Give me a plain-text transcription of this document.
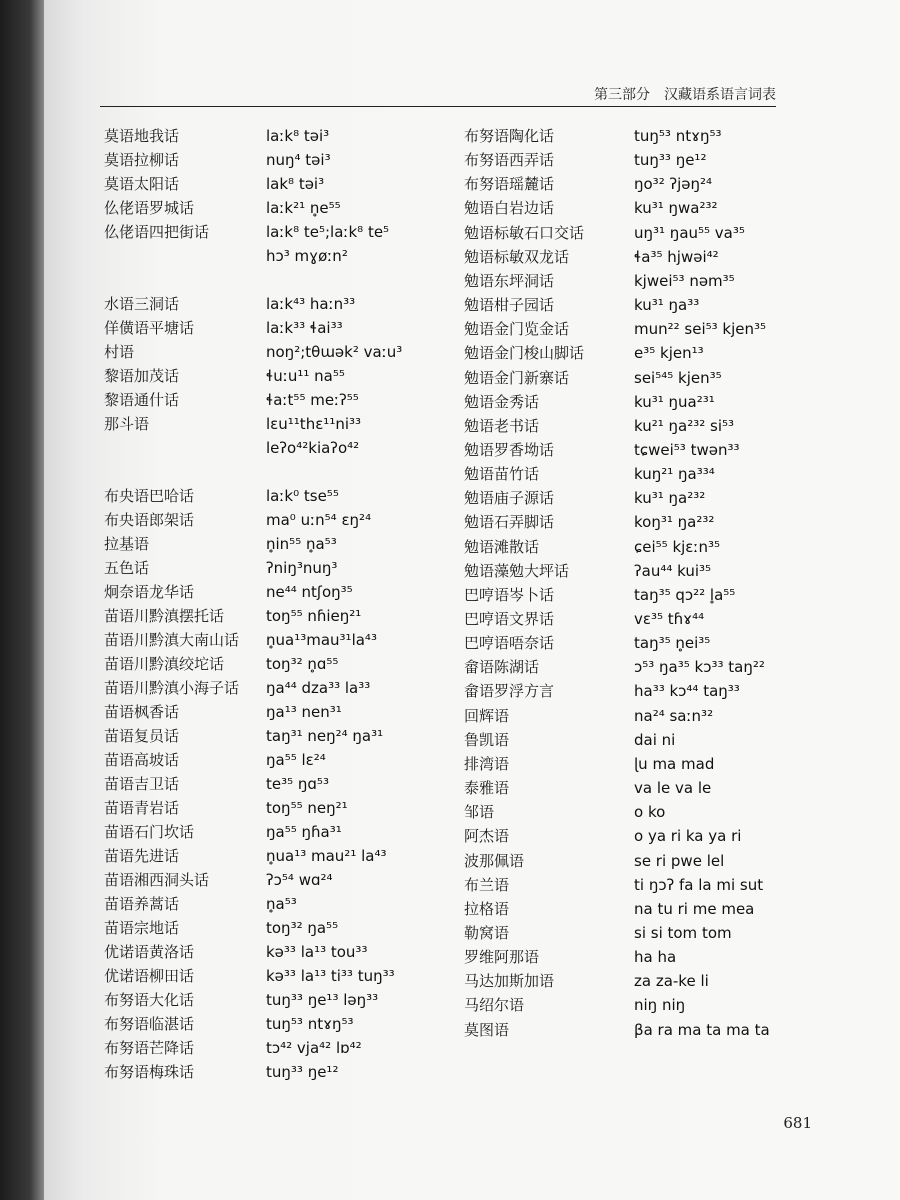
第三部分 汉藏语系语言词表
莫语地我话	laːk⁸ təi³
莫语拉柳话	nuŋ⁴ təi³
莫语太阳话	lak⁸ təi³
仫佬语罗城话	laːk²¹ n̥e⁵⁵
仫佬语四把街话	laːk⁸ te⁵;laːk⁸ te⁵
hɔ³ mɣøːn²
水语三洞话	laːk⁴³ haːn³³
佯僙语平塘话	laːk³³ ɬai³³
村语	noŋ²;tθɯək² vaːu³
黎语加茂话	ɬuːu¹¹ na⁵⁵
黎语通什话	ɬaːt⁵⁵ meːʔ⁵⁵
那斗语	lɛu¹¹thɛ¹¹ni³³
leʔo⁴²kiaʔo⁴²
布央语巴哈话	laːk⁰ tse⁵⁵
布央语郎架话	ma⁰ uːn⁵⁴ ɛŋ²⁴
拉基语	n̥in⁵⁵ n̥a⁵³
五色话	ʔniŋ³nuŋ³
炯奈语龙华话	ne⁴⁴ ntʃoŋ³⁵
苗语川黔滇摆托话	toŋ⁵⁵ nɦieŋ²¹
苗语川黔滇大南山话	n̥ua¹³mau³¹la⁴³
苗语川黔滇绞坨话	toŋ³² n̥ɑ⁵⁵
苗语川黔滇小海子话	ŋa⁴⁴ dza³³ la³³
苗语枫香话	ŋa¹³ nen³¹
苗语复员话	taŋ³¹ neŋ²⁴ ŋa³¹
苗语高坡话	ŋa⁵⁵ lɛ²⁴
苗语吉卫话	te³⁵ ŋɑ⁵³
苗语青岩话	toŋ⁵⁵ neŋ²¹
苗语石门坎话	ŋa⁵⁵ ŋɦa³¹
苗语先进话	n̥ua¹³ mau²¹ la⁴³
苗语湘西洞头话	ʔɔ⁵⁴ wɑ²⁴
苗语养蒿话	n̥a⁵³
苗语宗地话	toŋ³² ŋa⁵⁵
优诺语黄洛话	kə³³ la¹³ tou³³
优诺语柳田话	kə³³ la¹³ ti³³ tuŋ³³
布努语大化话	tuŋ³³ ŋe¹³ ləŋ³³
布努语临湛话	tuŋ⁵³ ntɤŋ⁵³
布努语芒降话	tɔ⁴² vja⁴² lɒ⁴²
布努语梅珠话	tuŋ³³ ŋe¹²
布努语陶化话	tuŋ⁵³ ntɤŋ⁵³
布努语西弄话	tuŋ³³ ŋe¹²
布努语瑶麓话	ŋo³² ʔjəŋ²⁴
勉语白岩边话	ku³¹ ŋwa²³²
勉语标敏石口交话	uŋ³¹ ŋau⁵⁵ va³⁵
勉语标敏双龙话	ɬa³⁵ hjwəi⁴²
勉语东坪洞话	kjwei⁵³ nəm³⁵
勉语柑子园话	ku³¹ ŋa³³
勉语金门览金话	mun²² sei⁵³ kjen³⁵
勉语金门梭山脚话	e³⁵ kjen¹³
勉语金门新寨话	sei⁵⁴⁵ kjen³⁵
勉语金秀话	ku³¹ ŋua²³¹
勉语老书话	ku²¹ ŋa²³² si⁵³
勉语罗香坳话	tɕwei⁵³ twən³³
勉语苗竹话	kuŋ²¹ ŋa³³⁴
勉语庙子源话	ku³¹ ŋa²³²
勉语石弄脚话	koŋ³¹ ŋa²³²
勉语滩散话	ɕei⁵⁵ kjɛːn³⁵
勉语藻勉大坪话	ʔau⁴⁴ kui³⁵
巴哼语岑卜话	taŋ³⁵ qɔ²² l̥a⁵⁵
巴哼语文界话	vɛ³⁵ tɦɤ⁴⁴
巴哼语唔奈话	taŋ³⁵ n̥ei³⁵
畲语陈湖话	ɔ⁵³ ŋa³⁵ kɔ³³ taŋ²²
畲语罗浮方言	ha³³ kɔ⁴⁴ taŋ³³
回辉语	na²⁴ saːn³²
鲁凯语	dai ni
排湾语	ɭu ma mad
泰雅语	va le va le
邹语	o ko
阿杰语	o ya ri ka ya ri
波那佩语	se ri pwe lel
布兰语	ti ŋɔʔ fa la mi sut
拉格语	na tu ri me mea
勒窝语	si si tom tom
罗维阿那语	ha ha
马达加斯加语	za za-ke li
马绍尔语	niŋ niŋ
莫图语	βa ra ma ta ma ta
681
